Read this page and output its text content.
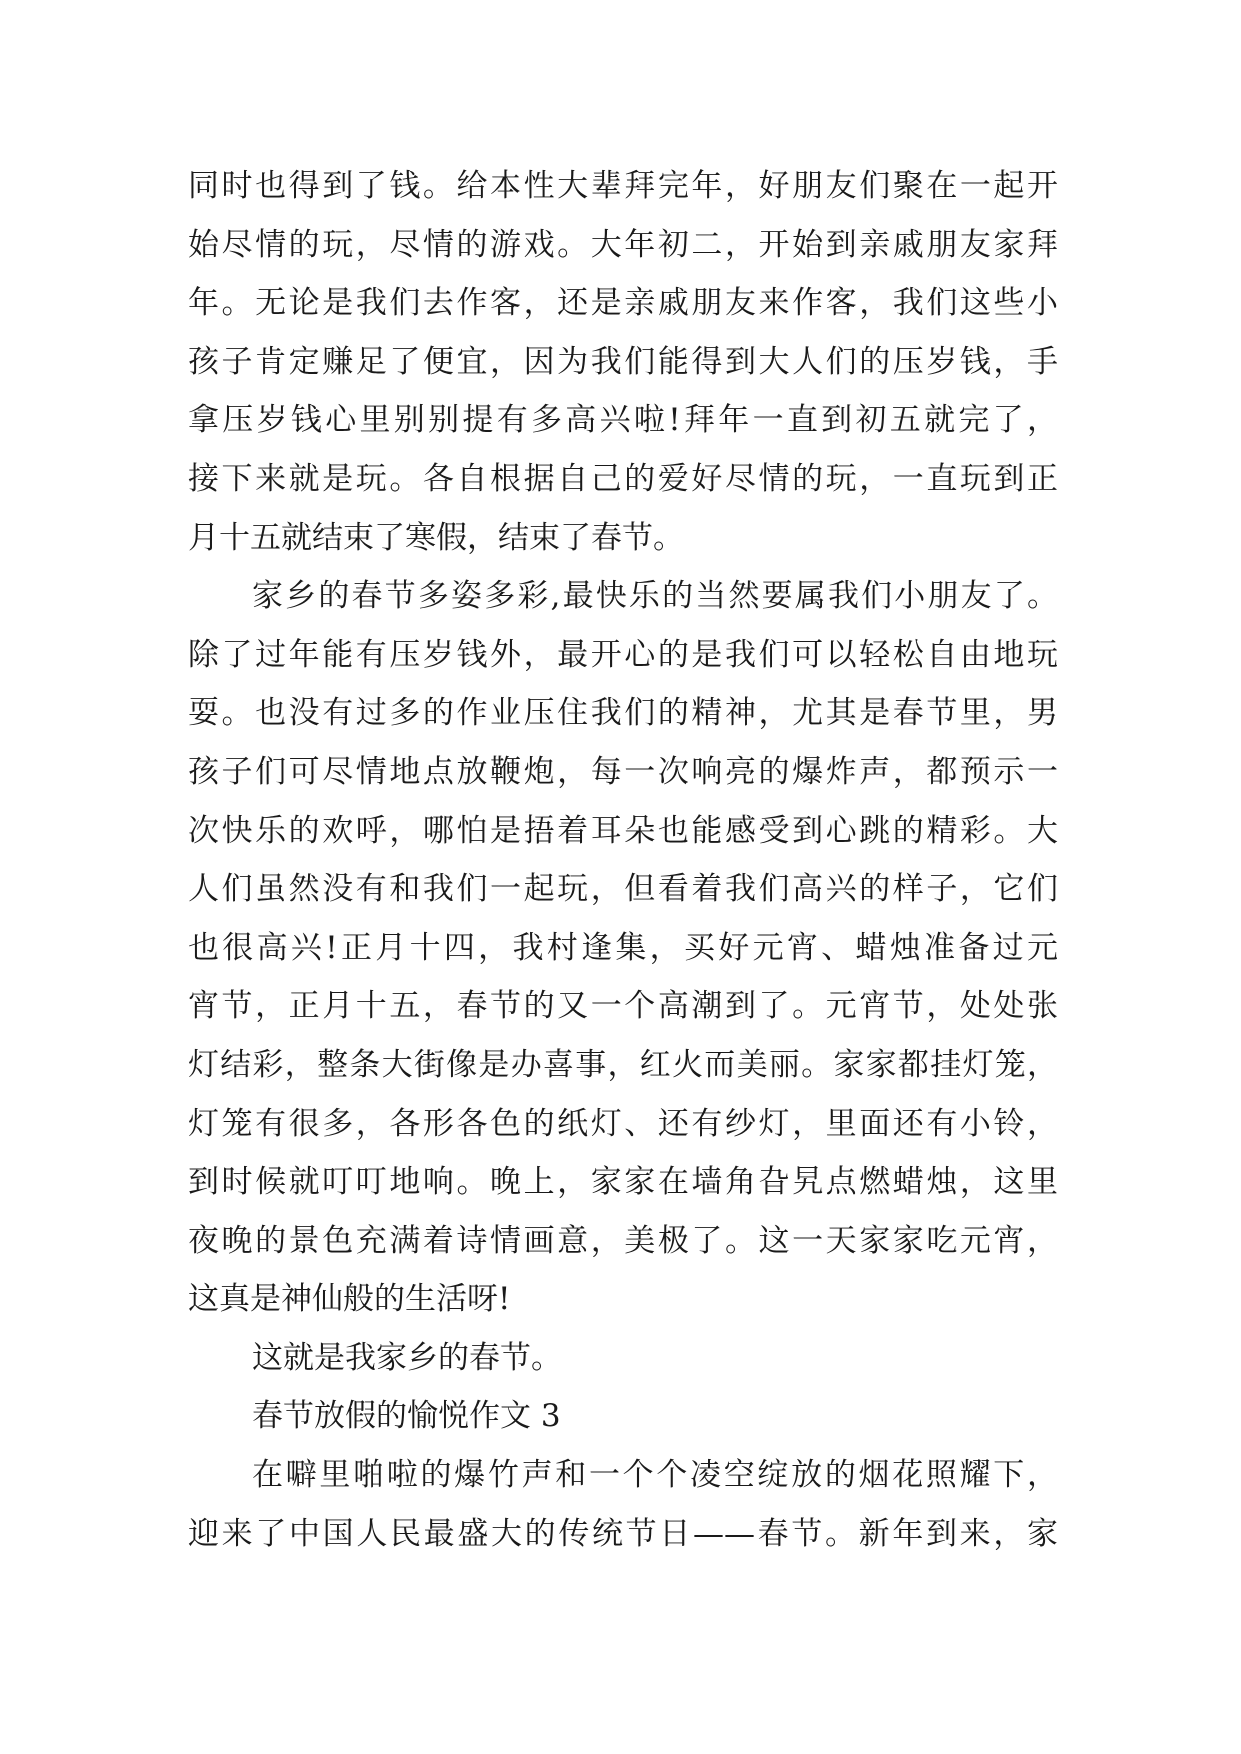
同时也得到了钱。给本性大辈拜完年，好朋友们聚在一起开
始尽情的玩，尽情的游戏。大年初二，开始到亲戚朋友家拜
年。无论是我们去作客，还是亲戚朋友来作客，我们这些小
孩子肯定赚足了便宜，因为我们能得到大人们的压岁钱，手
拿压岁钱心里别别提有多高兴啦!拜年一直到初五就完了，
接下来就是玩。各自根据自己的爱好尽情的玩，一直玩到正
月十五就结束了寒假，结束了春节。
家乡的春节多姿多彩,最快乐的当然要属我们小朋友了。
除了过年能有压岁钱外，最开心的是我们可以轻松自由地玩
耍。也没有过多的作业压住我们的精神，尤其是春节里，男
孩子们可尽情地点放鞭炮，每一次响亮的爆炸声，都预示一
次快乐的欢呼，哪怕是捂着耳朵也能感受到心跳的精彩。大
人们虽然没有和我们一起玩，但看着我们高兴的样子，它们
也很高兴!正月十四，我村逢集，买好元宵、蜡烛准备过元
宵节，正月十五，春节的又一个高潮到了。元宵节，处处张
灯结彩，整条大街像是办喜事，红火而美丽。家家都挂灯笼，
灯笼有很多，各形各色的纸灯、还有纱灯，里面还有小铃，
到时候就叮叮地响。晚上，家家在墙角旮旯点燃蜡烛，这里
夜晚的景色充满着诗情画意，美极了。这一天家家吃元宵，
这真是神仙般的生活呀!
这就是我家乡的春节。
春节放假的愉悦作文 3
在噼里啪啦的爆竹声和一个个凌空绽放的烟花照耀下，
迎来了中国人民最盛大的传统节日——春节。新年到来，家
